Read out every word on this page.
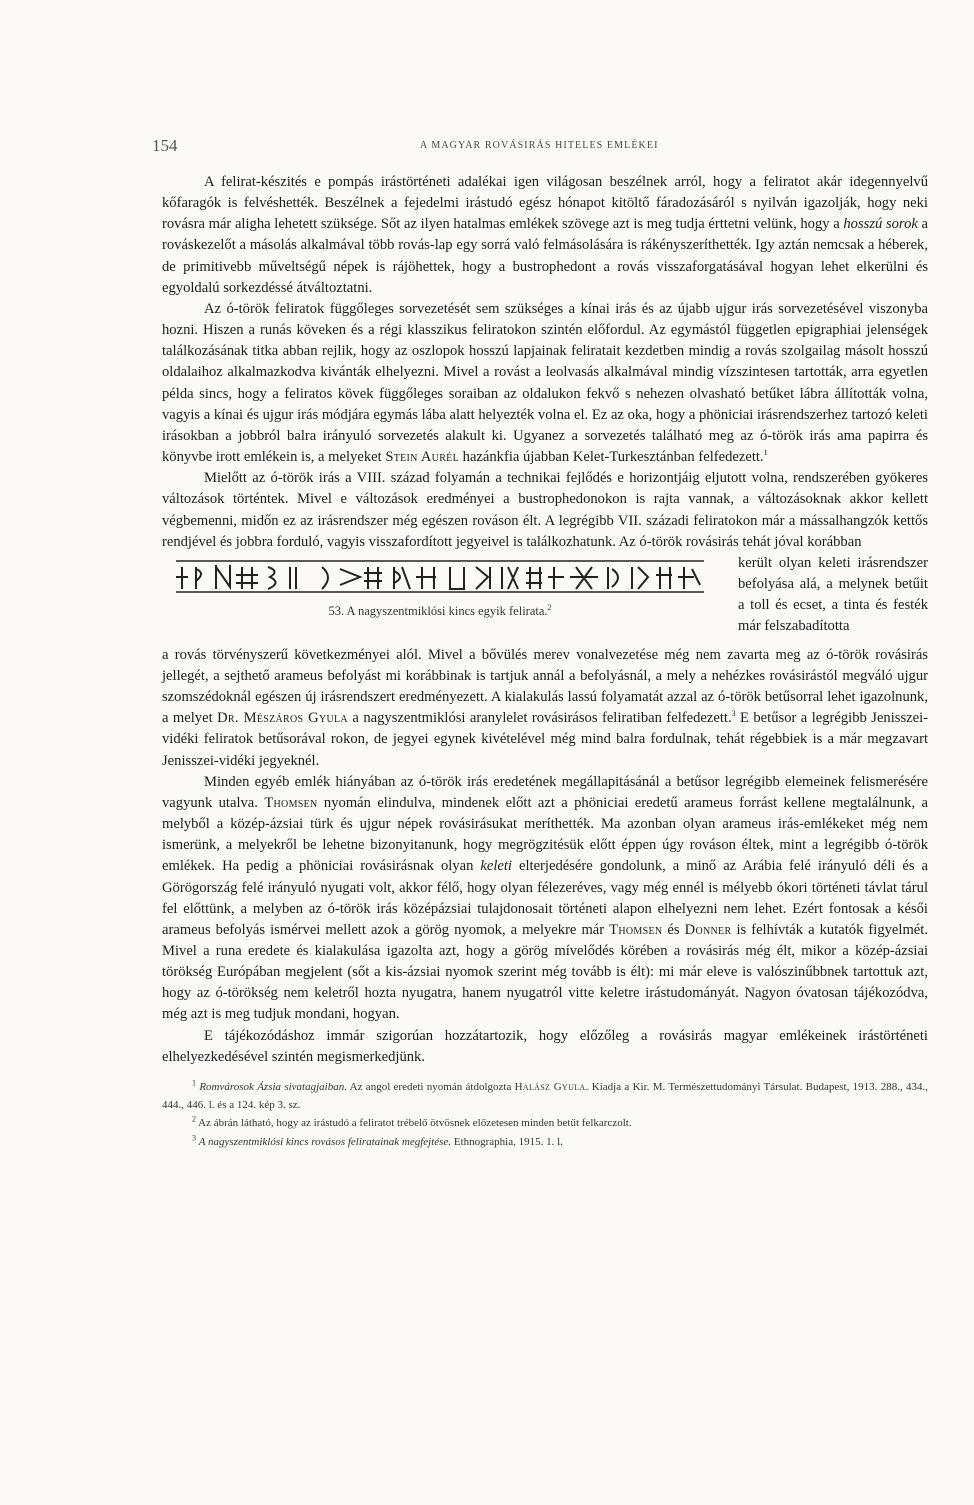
154	A MAGYAR ROVÁSIRÁS HITELES EMLÉKEI

A felirat-készités e pompás irástörténeti adalékai igen világosan beszélnek arról, hogy a feliratot akár idegennyelvű kőfaragók is felvéshették. Beszélnek a fejedelmi irástudó egész hónapot kitöltő fáradozásáról s nyilván igazolják, hogy neki rovásra már aligha lehetett szüksége. Sőt az ilyen hatalmas emlékek szövege azt is meg tudja érttetni velünk, hogy a hosszú sorok a rováskezelőt a másolás alkalmával több rovás-lap egy sorrá való felmásolására is rákényszeríthették. Igy aztán nemcsak a héberek, de primitivebb műveltségű népek is rájöhettek, hogy a bustrophedont a rovás visszaforgatásával hogyan lehet elkerülni és egyoldalú sorkezdéssé átváltoztatni.

Az ó-török feliratok függőleges sorvezetését sem szükséges a kínai irás és az újabb ujgur irás sorvezetésével viszonyba hozni. Hiszen a runás köveken és a régi klasszikus feliratokon szintén előfordul. Az egymástól független epigraphiai jelenségek találkozásának titka abban rejlik, hogy az oszlopok hosszú lapjainak feliratait kezdetben mindig a rovás szolgailag másolt hosszú oldalaihoz alkalmazkodva kivánták elhelyezni. Mivel a rovást a leolvasás alkalmával mindig vízszintesen tartották, arra egyetlen példa sincs, hogy a feliratos kövek függőleges soraiban az oldalukon fekvő s nehezen olvasható betűket lábra állították volna, vagyis a kínai és ujgur irás módjára egymás lába alatt helyezték volna el. Ez az oka, hogy a phöniciai irásrendszerhez tartozó keleti irásokban a jobbról balra irányuló sorvezetés alakult ki. Ugyanez a sorvezetés található meg az ó-török irás ama papirra és könyvbe irott emlékein is, a melyeket Stein Aurél hazánkfia újabban Kelet-Turkesztánban felfedezett.$^1$

Mielőtt az ó-török irás a VIII. század folyamán a technikai fejlődés e horizontjáig eljutott volna, rendszerében gyökeres változások történtek. Mivel e változások eredményei a bustrophedonokon is rajta vannak, a változásoknak akkor kellett végbemenni, midőn ez az irásrendszer még egészen rováson élt. A legrégibb VII. századi feliratokon már a mássalhangzók kettős rendjével és jobbra forduló, vagyis visszafordított jegyeivel is találkozhatunk. Az ó-török rovásirás tehát jóval korábban

53. A nagyszentmiklósi kincs egyik felirata.$^2$

került olyan keleti irásrendszer befolyása alá, a melynek betűit a toll és ecset, a tinta és festék már felszabadította

a rovás törvényszerű következményei alól. Mivel a bővülés merev vonalvezetése még nem zavarta meg az ó-török rovásirás jellegét, a sejthető arameus befolyást mi korábbinak is tartjuk annál a befolyásnál, a mely a nehézkes rovásirástól megváló ujgur szomszédoknál egészen új irásrendszert eredményezett. A kialakulás lassú folyamatát azzal az ó-török betűsorral lehet igazolnunk, a melyet Dr. Mészáros Gyula a nagyszentmiklósi aranylelet rovásirásos feliratiban felfedezett.$^3$ E betűsor a legrégibb Jenisszei-vidéki feliratok betűsorával rokon, de jegyei egynek kivételével még mind balra fordulnak, tehát régebbiek is a már megzavart Jenisszei-vidéki jegyeknél.

Minden egyéb emlék hiányában az ó-török irás eredetének megállapitásánál a betűsor legrégibb elemeinek felismerésére vagyunk utalva. Thomsen nyomán elindulva, mindenek előtt azt a phöniciai eredetű arameus forrást kellene megtalálnunk, a melyből a közép-ázsiai türk és ujgur népek rovásirásukat meríthették. Ma azonban olyan arameus irás-emlékeket még nem ismerünk, a melyekről be lehetne bizonyitanunk, hogy megrögzitésük előtt éppen úgy rováson éltek, mint a legrégibb ó-török emlékek. Ha pedig a phöniciai rovásirásnak olyan keleti elterjedésére gondolunk, a minő az Arábia felé irányuló déli és a Görögország felé irányuló nyugati volt, akkor félő, hogy olyan félezeréves, vagy még ennél is mélyebb ókori történeti távlat tárul fel előttünk, a melyben az ó-török irás középázsiai tulajdonosait történeti alapon elhelyezni nem lehet. Ezért fontosak a késői arameus befolyás ismérvei mellett azok a görög nyomok, a melyekre már Thomsen és Donner is felhívták a kutatók figyelmét. Mivel a runa eredete és kialakulása igazolta azt, hogy a görög mívelődés körében a rovásirás még élt, mikor a közép-ázsiai törökség Európában megjelent (sőt a kis-ázsiai nyomok szerint még tovább is élt): mi már eleve is valószinűbbnek tartottuk azt, hogy az ó-törökség nem keletről hozta nyugatra, hanem nyugatról vitte keletre irástudományát. Nagyon óvatosan tájékozódva, még azt is meg tudjuk mondani, hogyan.

E tájékozódáshoz immár szigorúan hozzátartozik, hogy előzőleg a rovásirás magyar emlékeinek irástörténeti elhelyezkedésével szintén megismerkedjünk.

$^1$ Romvárosok Ázsia sivatagjaiban. Az angol eredeti nyomán átdolgozta Halász Gyula. Kiadja a Kir. M. Természettudományi Társulat. Budapest, 1913. 288., 434., 444., 446. l. és a 124. kép 3. sz.
$^2$ Az ábrán látható, hogy az irástudó a feliratot trébelő ötvösnek előzetesen minden betűt felkarczolt.
$^3$ A nagyszentmiklósi kincs rovásos feliratainak megfejtése. Ethnographia, 1915. 1. l.
